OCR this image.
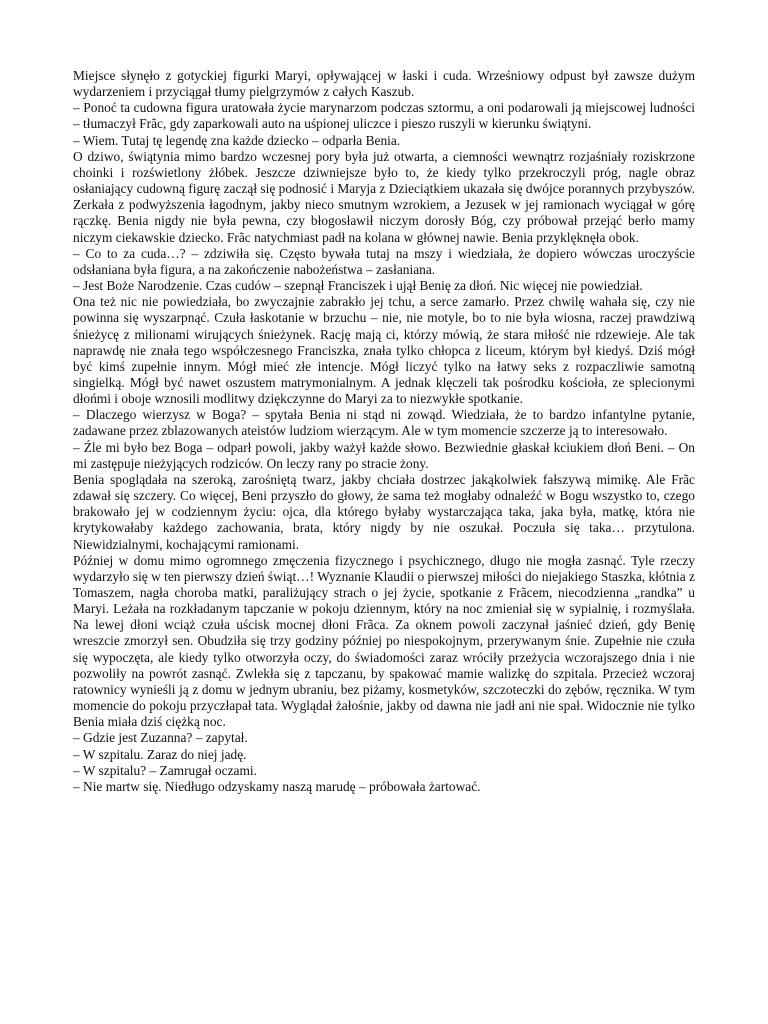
Miejsce słynęło z gotyckiej figurki Maryi, opływającej w łaski i cuda. Wrześniowy odpust był zawsze dużym wydarzeniem i przyciągał tłumy pielgrzymów z całych Kaszub.

– Ponoć ta cudowna figura uratowała życie marynarzom podczas sztormu, a oni podarowali ją miejscowej ludności – tłumaczył Frãc, gdy zaparkowali auto na uśpionej uliczce i pieszo ruszyli w kierunku świątyni.

– Wiem. Tutaj tę legendę zna każde dziecko – odparła Benia.

O dziwo, świątynia mimo bardzo wczesnej pory była już otwarta, a ciemności wewnątrz rozjaśniały roziskrzone choinki i rozświetlony żłóbek. Jeszcze dziwniejsze było to, że kiedy tylko przekroczyli próg, nagle obraz osłaniający cudowną figurę zaczął się podnosić i Maryja z Dzieciątkiem ukazała się dwójce porannych przybyszów. Zerkała z podwyższenia łagodnym, jakby nieco smutnym wzrokiem, a Jezusek w jej ramionach wyciągał w górę rączkę. Benia nigdy nie była pewna, czy błogosławił niczym dorosły Bóg, czy próbował przejąć berło mamy niczym ciekawskie dziecko. Frãc natychmiast padł na kolana w głównej nawie. Benia przyklęknęła obok.

– Co to za cuda…? – zdziwiła się. Często bywała tutaj na mszy i wiedziała, że dopiero wówczas uroczyście odsłaniana była figura, a na zakończenie nabożeństwa – zasłaniana.

– Jest Boże Narodzenie. Czas cudów – szepnął Franciszek i ujął Benię za dłoń. Nic więcej nie powiedział.

Ona też nic nie powiedziała, bo zwyczajnie zabrakło jej tchu, a serce zamarło. Przez chwilę wahała się, czy nie powinna się wyszarpnąć. Czuła łaskotanie w brzuchu – nie, nie motyle, bo to nie była wiosna, raczej prawdziwą śnieżycę z milionami wirujących śnieżynek. Rację mają ci, którzy mówią, że stara miłość nie rdzewieje. Ale tak naprawdę nie znała tego współczesnego Franciszka, znała tylko chłopca z liceum, którym był kiedyś. Dziś mógł być kimś zupełnie innym. Mógł mieć złe intencje. Mógł liczyć tylko na łatwy seks z rozpaczliwie samotną singielką. Mógł być nawet oszustem matrymonialnym. A jednak klęczeli tak pośrodku kościoła, ze splecionymi dłońmi i oboje wznosili modlitwy dziękczynne do Maryi za to niezwykłe spotkanie.

– Dlaczego wierzysz w Boga? – spytała Benia ni stąd ni zowąd. Wiedziała, że to bardzo infantylne pytanie, zadawane przez zblazowanych ateistów ludziom wierzącym. Ale w tym momencie szczerze ją to interesowało.

– Źle mi było bez Boga – odparł powoli, jakby ważył każde słowo. Bezwiednie głaskał kciukiem dłoń Beni. – On mi zastępuje nieżyjących rodziców. On leczy rany po stracie żony.

Benia spoglądała na szeroką, zarośniętą twarz, jakby chciała dostrzec jakąkolwiek fałszywą mimikę. Ale Frãc zdawał się szczery. Co więcej, Beni przyszło do głowy, że sama też mogłaby odnaleźć w Bogu wszystko to, czego brakowało jej w codziennym życiu: ojca, dla którego byłaby wystarczająca taka, jaka była, matkę, która nie krytykowałaby każdego zachowania, brata, który nigdy by nie oszukał. Poczuła się taka… przytulona. Niewidzialnymi, kochającymi ramionami.

Później w domu mimo ogromnego zmęczenia fizycznego i psychicznego, długo nie mogła zasnąć. Tyle rzeczy wydarzyło się w ten pierwszy dzień świąt…! Wyznanie Klaudii o pierwszej miłości do niejakiego Staszka, kłótnia z Tomaszem, nagła choroba matki, paraliżujący strach o jej życie, spotkanie z Frãcem, niecodzienna „randka” u Maryi. Leżała na rozkładanym tapczanie w pokoju dziennym, który na noc zmieniał się w sypialnię, i rozmyślała. Na lewej dłoni wciąż czuła uścisk mocnej dłoni Frãca. Za oknem powoli zaczynał jaśnieć dzień, gdy Benię wreszcie zmorzył sen. Obudziła się trzy godziny później po niespokojnym, przerywanym śnie. Zupełnie nie czuła się wypoczęta, ale kiedy tylko otworzyła oczy, do świadomości zaraz wróciły przeżycia wczorajszego dnia i nie pozwoliły na powrót zasnąć. Zwlekła się z tapczanu, by spakować mamie walizkę do szpitala. Przecież wczoraj ratownicy wynieśli ją z domu w jednym ubraniu, bez piżamy, kosmetyków, szczoteczki do zębów, ręcznika. W tym momencie do pokoju przyczłapał tata. Wyglądał żałośnie, jakby od dawna nie jadł ani nie spał. Widocznie nie tylko Benia miała dziś ciężką noc.

– Gdzie jest Zuzanna? – zapytał.

– W szpitalu. Zaraz do niej jadę.

– W szpitalu? – Zamrugał oczami.

– Nie martw się. Niedługo odzyskamy naszą marudę – próbowała żartować.
